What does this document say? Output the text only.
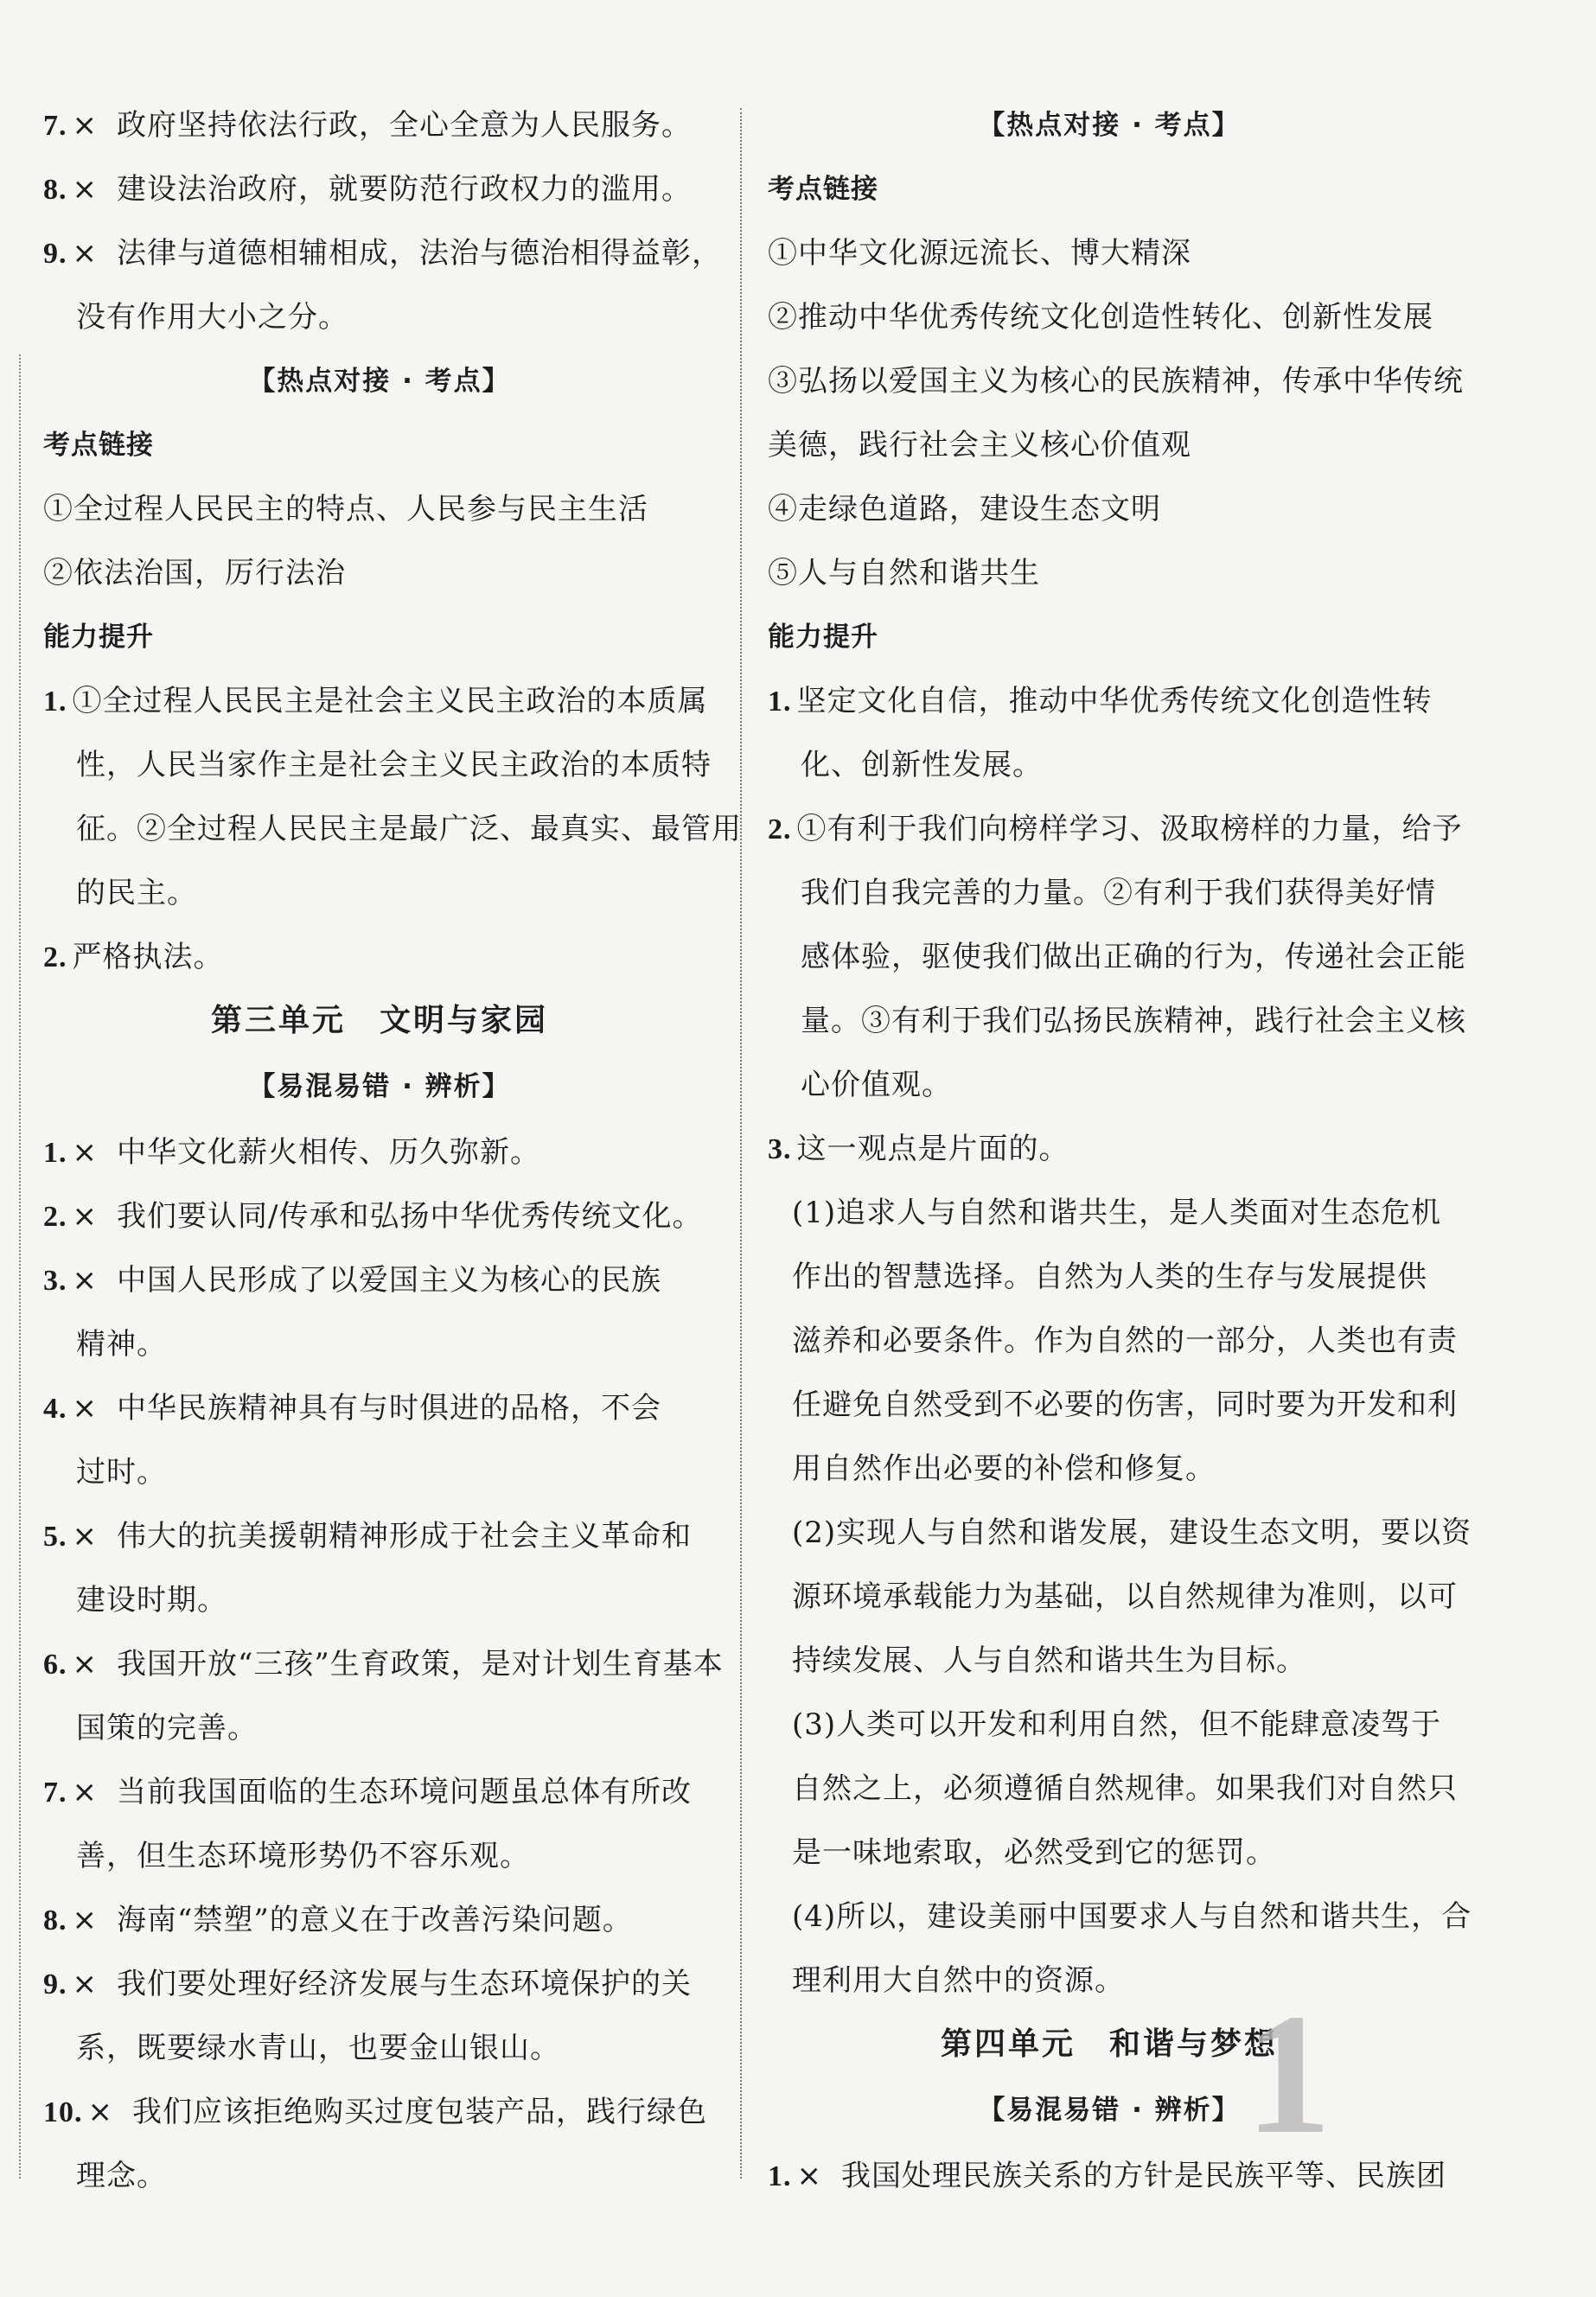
7. × 政府坚持依法行政，全心全意为人民服务。
8. × 建设法治政府，就要防范行政权力的滥用。
9. × 法律与道德相辅相成，法治与德治相得益彰，
没有作用大小之分。
【热点对接 · 考点】
考点链接
①全过程人民民主的特点、人民参与民主生活
②依法治国，厉行法治
能力提升
1. ①全过程人民民主是社会主义民主政治的本质属
性，人民当家作主是社会主义民主政治的本质特
征。②全过程人民民主是最广泛、最真实、最管用
的民主。
2. 严格执法。
第三单元　文明与家园
【易混易错 · 辨析】
1. × 中华文化薪火相传、历久弥新。
2. × 我们要认同/传承和弘扬中华优秀传统文化。
3. × 中国人民形成了以爱国主义为核心的民族
精神。
4. × 中华民族精神具有与时俱进的品格，不会
过时。
5. × 伟大的抗美援朝精神形成于社会主义革命和
建设时期。
6. × 我国开放“三孩”生育政策，是对计划生育基本
国策的完善。
7. × 当前我国面临的生态环境问题虽总体有所改
善，但生态环境形势仍不容乐观。
8. × 海南“禁塑”的意义在于改善污染问题。
9. × 我们要处理好经济发展与生态环境保护的关
系，既要绿水青山，也要金山银山。
10. × 我们应该拒绝购买过度包装产品，践行绿色
理念。
【热点对接 · 考点】
考点链接
①中华文化源远流长、博大精深
②推动中华优秀传统文化创造性转化、创新性发展
③弘扬以爱国主义为核心的民族精神，传承中华传统
美德，践行社会主义核心价值观
④走绿色道路，建设生态文明
⑤人与自然和谐共生
能力提升
1. 坚定文化自信，推动中华优秀传统文化创造性转
化、创新性发展。
2. ①有利于我们向榜样学习、汲取榜样的力量，给予
我们自我完善的力量。②有利于我们获得美好情
感体验，驱使我们做出正确的行为，传递社会正能
量。③有利于我们弘扬民族精神，践行社会主义核
心价值观。
3. 这一观点是片面的。
(1)追求人与自然和谐共生，是人类面对生态危机
作出的智慧选择。自然为人类的生存与发展提供
滋养和必要条件。作为自然的一部分，人类也有责
任避免自然受到不必要的伤害，同时要为开发和利
用自然作出必要的补偿和修复。
(2)实现人与自然和谐发展，建设生态文明，要以资
源环境承载能力为基础，以自然规律为准则，以可
持续发展、人与自然和谐共生为目标。
(3)人类可以开发和利用自然，但不能肆意凌驾于
自然之上，必须遵循自然规律。如果我们对自然只
是一味地索取，必然受到它的惩罚。
(4)所以，建设美丽中国要求人与自然和谐共生，合
理利用大自然中的资源。
第四单元　和谐与梦想
【易混易错 · 辨析】
1. × 我国处理民族关系的方针是民族平等、民族团
1
